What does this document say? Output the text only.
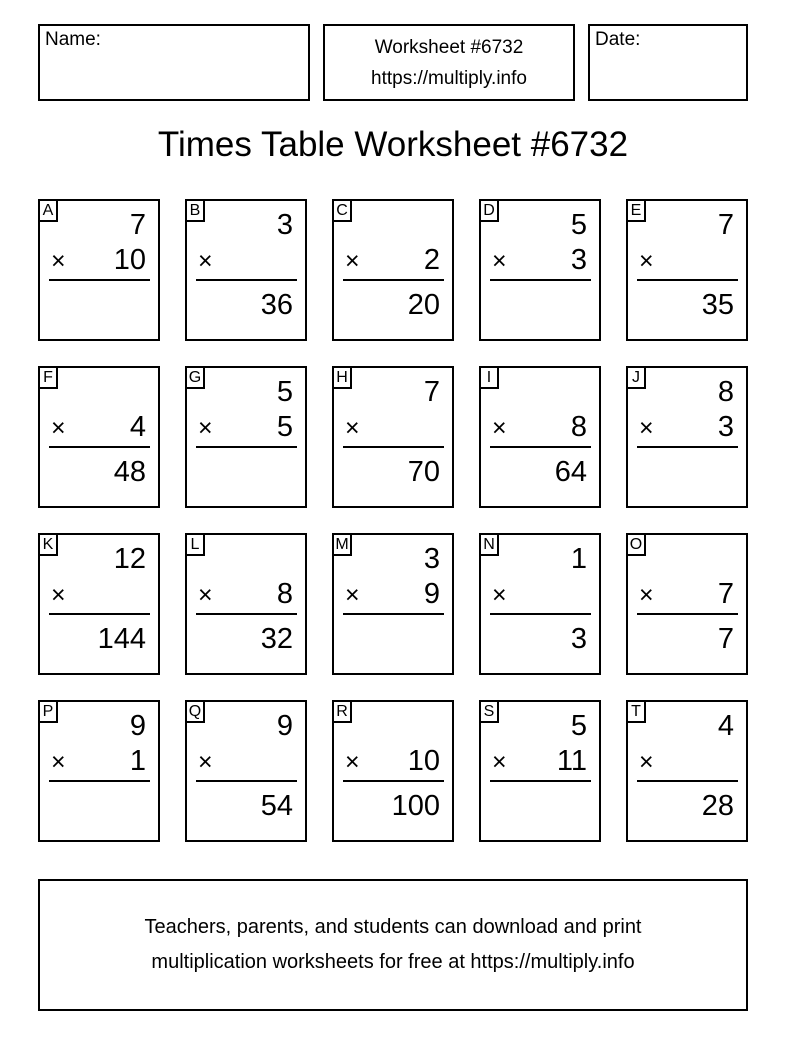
Name:	Worksheet #6732
https://multiply.info
Date:
Times Table Worksheet #6732
A	7
× 10
B	3
×
36
C
× 2
20
D	5
× 3
E	7
×
35
F
× 4
48
G	5
× 5
H	7
×
70
I
× 8
64
J	8
× 3
K 12
×
144
L
× 8
32
M	3
× 9
N	1
×
3
O
× 7
7
P	9
× 1
Q	9
×
54
R
× 10
100
S	5
× 11
T	4
×
28
Teachers, parents, and students can download and print
multiplication worksheets for free at https://multiply.info
